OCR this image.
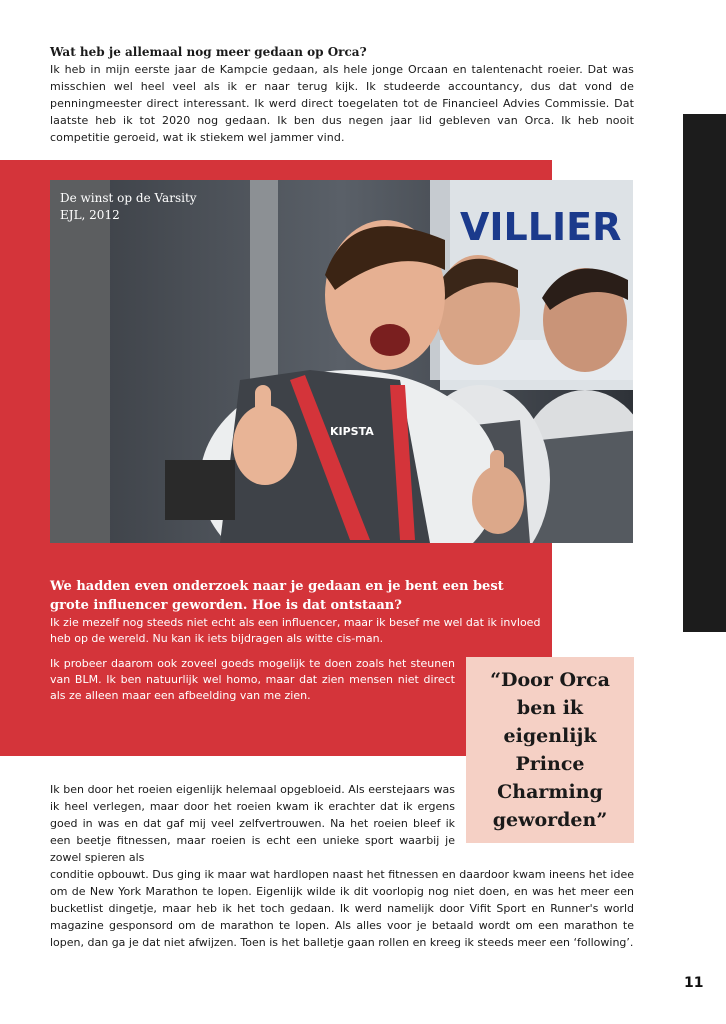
Wat heb je allemaal nog meer gedaan op Orca?
Ik heb in mijn eerste jaar de Kampcie gedaan, als hele jonge Orcaan en talentenacht roeier. Dat was misschien wel heel veel als ik er naar terug kijk. Ik studeerde accountancy, dus dat vond de penningmeester direct interessant. Ik werd direct toegelaten tot de Financieel Advies Commissie. Dat laatste heb ik tot 2020 nog gedaan. Ik ben dus negen jaar lid gebleven van Orca. Ik heb nooit competitie geroeid, wat ik stiekem wel jammer vind.
VILLIER
KIPSTA
De winst op de Varsity
EJL, 2012
We hadden even onderzoek naar je gedaan en je bent een best grote influencer geworden. Hoe is dat ontstaan?
Ik zie mezelf nog steeds niet echt als een influencer, maar ik besef me wel dat ik invloed heb op de wereld. Nu kan ik iets bijdragen als witte cis-man.
Ik probeer daarom ook zoveel goeds mogelijk te doen zoals het steunen van BLM. Ik ben natuurlijk wel homo, maar dat zien mensen niet direct als ze alleen maar een afbeelding van me zien.
“Door Orca ben ik eigenlijk Prince Charming geworden”
Ik ben door het roeien eigenlijk helemaal opgebloeid. Als eerstejaars was ik heel verlegen, maar door het roeien kwam ik erachter dat ik ergens goed in was en dat gaf mij veel zelfvertrouwen. Na het roeien bleef ik een beetje fitnessen, maar roeien is echt een unieke sport waarbij je zowel spieren als
conditie opbouwt. Dus ging ik maar wat hardlopen naast het fitnessen en daardoor kwam ineens het idee om de New York Marathon te lopen. Eigenlijk wilde ik dit voorlopig nog niet doen, en was het meer een bucketlist dingetje, maar heb ik het toch gedaan. Ik werd namelijk door Vifit Sport en Runner's world magazine gesponsord om de marathon te lopen. Als alles voor je betaald wordt om een marathon te lopen, dan ga je dat niet afwijzen. Toen is het balletje gaan rollen en kreeg ik steeds meer een ‘following’.
11
